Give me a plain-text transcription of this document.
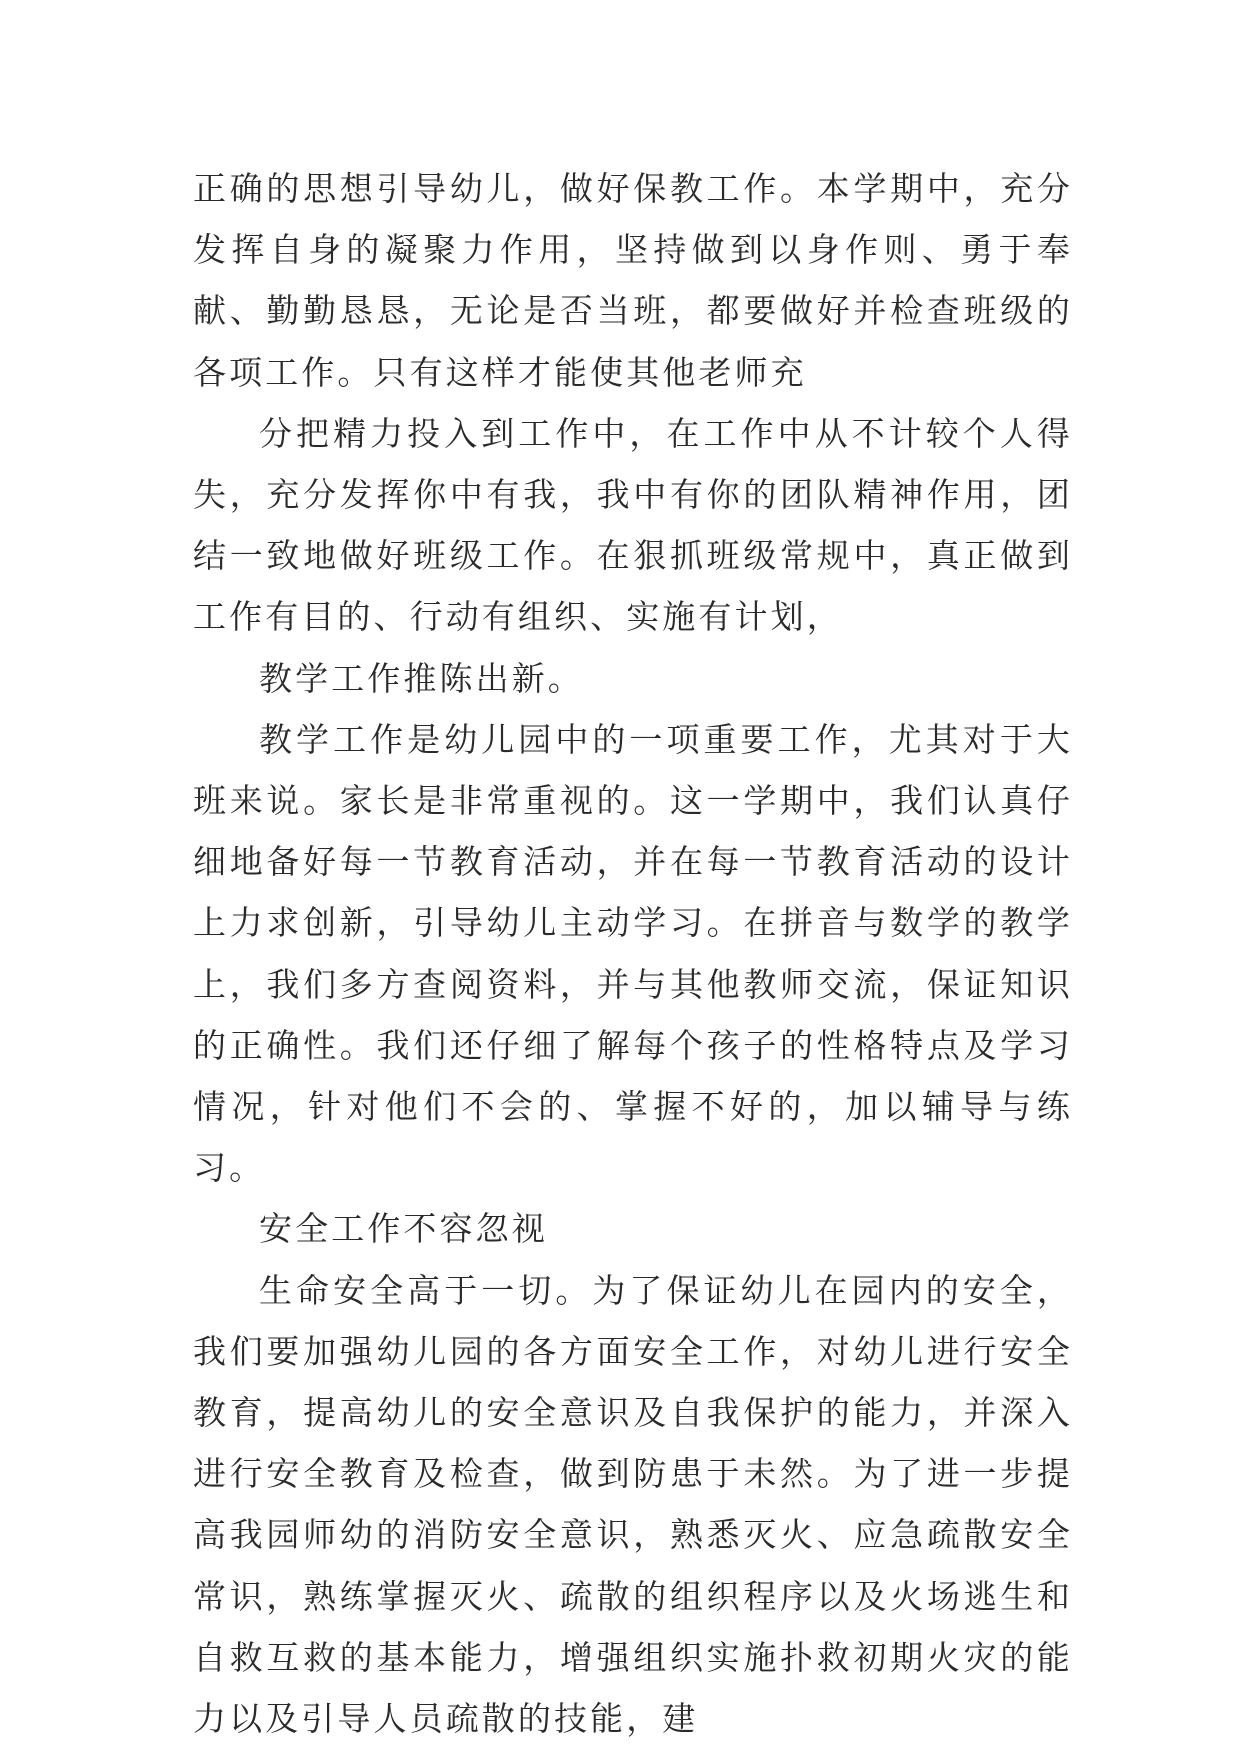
正确的思想引导幼儿，做好保教工作。本学期中，充分发挥自身的凝聚力作用，坚持做到以身作则、勇于奉献、勤勤恳恳，无论是否当班，都要做好并检查班级的各项工作。只有这样才能使其他老师充

分把精力投入到工作中，在工作中从不计较个人得失，充分发挥你中有我，我中有你的团队精神作用，团结一致地做好班级工作。在狠抓班级常规中，真正做到工作有目的、行动有组织、实施有计划，

教学工作推陈出新。

教学工作是幼儿园中的一项重要工作，尤其对于大班来说。家长是非常重视的。这一学期中，我们认真仔细地备好每一节教育活动，并在每一节教育活动的设计上力求创新，引导幼儿主动学习。在拼音与数学的教学上，我们多方查阅资料，并与其他教师交流，保证知识的正确性。我们还仔细了解每个孩子的性格特点及学习情况，针对他们不会的、掌握不好的，加以辅导与练习。

安全工作不容忽视

生命安全高于一切。为了保证幼儿在园内的安全，我们要加强幼儿园的各方面安全工作，对幼儿进行安全教育，提高幼儿的安全意识及自我保护的能力，并深入进行安全教育及检查，做到防患于未然。为了进一步提高我园师幼的消防安全意识，熟悉灭火、应急疏散安全常识，熟练掌握灭火、疏散的组织程序以及火场逃生和自救互救的基本能力，增强组织实施扑救初期火灾的能力以及引导人员疏散的技能，建
